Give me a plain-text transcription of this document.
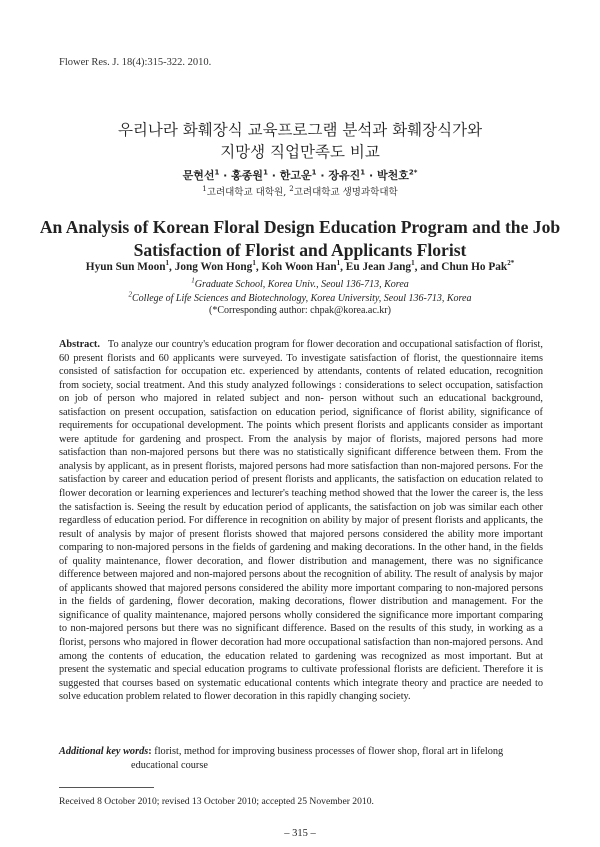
Flower Res. J. 18(4):315-322. 2010.
우리나라 화훼장식 교육프로그램 분석과 화훼장식가와
지망생 직업만족도 비교
문현선$^1$ · 홍종원$^1$ · 한고운$^1$ · 장유진$^1$ · 박천호$^{2*}$
$^1$고려대학교 대학원, $^2$고려대학교 생명과학대학
An Analysis of Korean Floral Design Education Program and the Job Satisfaction of Florist and Applicants Florist
Hyun Sun Moon$^1$, Jong Won Hong$^1$, Koh Woon Han$^1$, Eu Jean Jang$^1$, and Chun Ho Pak$^{2*}$
$^1$Graduate School, Korea Univ., Seoul 136-713, Korea
$^2$College of Life Sciences and Biotechnology, Korea University, Seoul 136-713, Korea
(*Corresponding author: chpak@korea.ac.kr)

Abstract. To analyze our country's education program for flower decoration and occupational satisfaction of florist, 60 present florists and 60 applicants were surveyed. To investigate satisfaction of florist, the questionnaire items consisted of satisfaction for occupation etc. experienced by attendants, contents of related education, recognition from society, social treatment. And this study analyzed followings : considerations to select occupation, satisfaction on job of person who majored in related subject and non- person without such an educational background, satisfaction on present occupation, satisfaction on education period, significance of florist ability, significance of requirements for occupational development. The points which present florists and applicants consider as important were aptitude for gardening and prospect. From the analysis by major of florists, majored persons had more satisfaction than non-majored persons but there was no statistically significant difference between them. From the analysis by applicant, as in present florists, majored persons had more satisfaction than non-majored persons. For the satisfaction by career and education period of present florists and applicants, the satisfaction on education related to flower decoration or learning experiences and lecturer's teaching method showed that the lower the career is, the less the satisfaction is. Seeing the result by education period of applicants, the satisfaction on job was similar each other regardless of education period. For difference in recognition on ability by major of present florists and applicants, the result of analysis by major of present florists showed that majored persons considered the ability more important comparing to non-majored persons in the fields of gardening and making decorations. In the other hand, in the fields of quality maintenance, flower decoration, and flower distribution and management, there was no significance difference between majored and non-majored persons about the recognition of ability. The result of analysis by major of applicants showed that majored persons considered the ability more important comparing to non-majored persons in the fields of gardening, flower decoration, making decorations, flower distribution and management. For the significance of quality maintenance, majored persons wholly considered the significance more important comparing to non-majored persons but there was no significant difference. Based on the results of this study, in working as a florist, persons who majored in flower decoration had more occupational satisfaction than non-majored persons. And among the contents of education, the education related to gardening was recognized as most important. But at present the systematic and special education programs to cultivate professional florists are deficient. Therefore it is suggested that courses based on systematic educational contents which integrate theory and practice are needed to solve education problem related to flower decoration in this rapidly changing society.

Additional key words: florist, method for improving business processes of flower shop, floral art in lifelong
educational course

Received 8 October 2010; revised 13 October 2010; accepted 25 November 2010.
– 315 –
